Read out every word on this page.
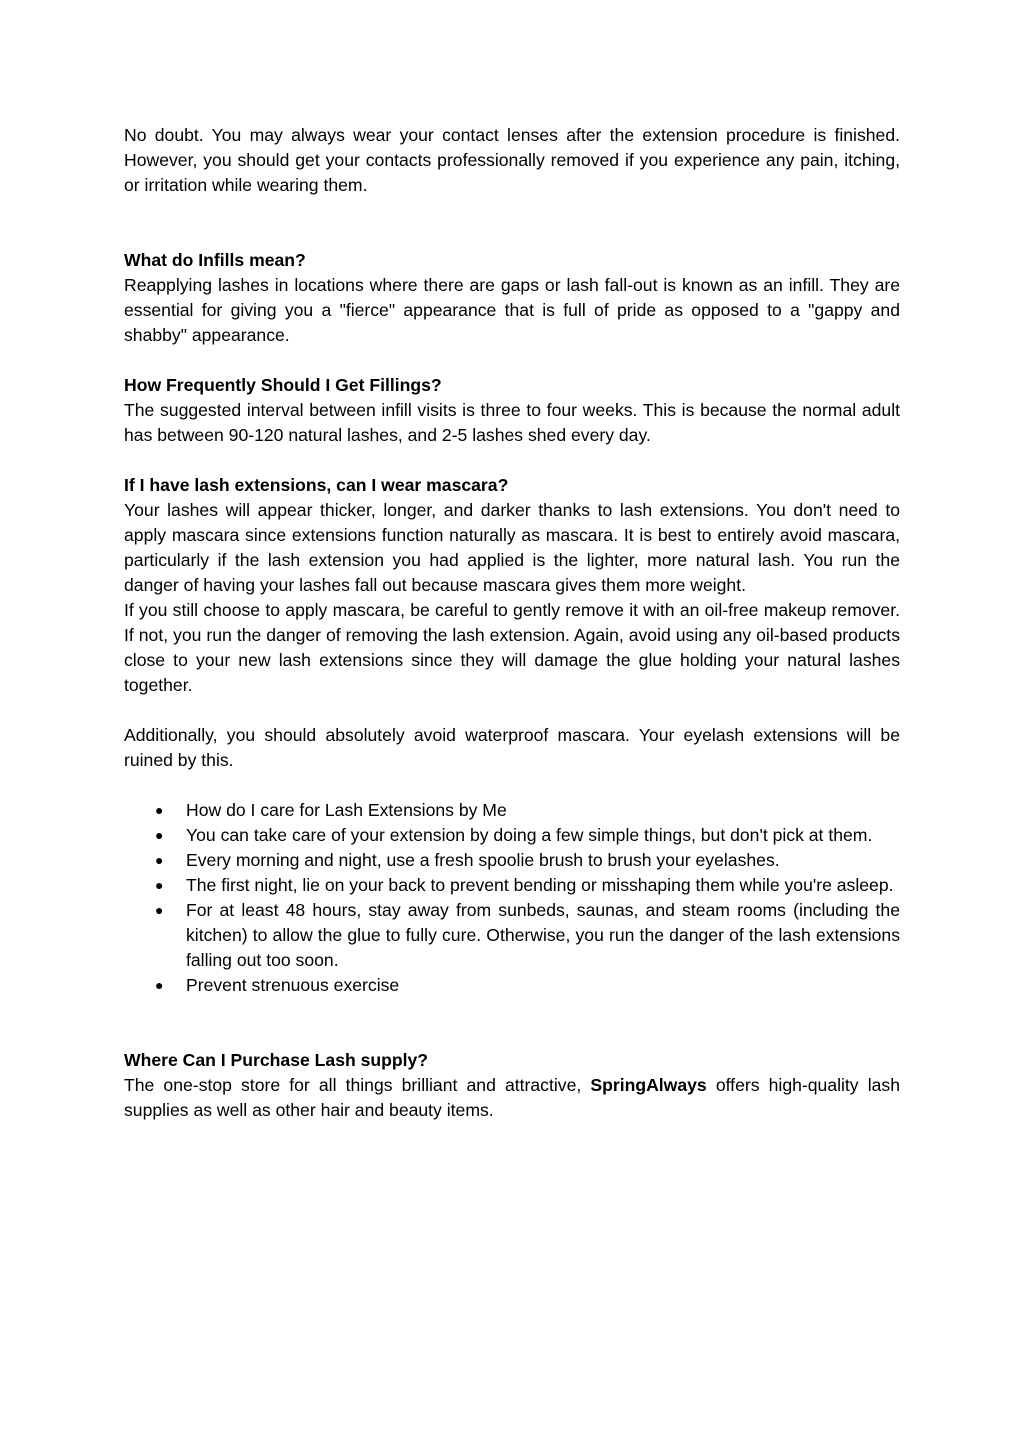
No doubt. You may always wear your contact lenses after the extension procedure is finished. However, you should get your contacts professionally removed if you experience any pain, itching, or irritation while wearing them.

What do Infills mean?

Reapplying lashes in locations where there are gaps or lash fall-out is known as an infill. They are essential for giving you a "fierce" appearance that is full of pride as opposed to a "gappy and shabby" appearance.

How Frequently Should I Get Fillings?

The suggested interval between infill visits is three to four weeks. This is because the normal adult has between 90-120 natural lashes, and 2-5 lashes shed every day.

If I have lash extensions, can I wear mascara?

Your lashes will appear thicker, longer, and darker thanks to lash extensions. You don't need to apply mascara since extensions function naturally as mascara. It is best to entirely avoid mascara, particularly if the lash extension you had applied is the lighter, more natural lash. You run the danger of having your lashes fall out because mascara gives them more weight.

If you still choose to apply mascara, be careful to gently remove it with an oil-free makeup remover. If not, you run the danger of removing the lash extension. Again, avoid using any oil-based products close to your new lash extensions since they will damage the glue holding your natural lashes together.

Additionally, you should absolutely avoid waterproof mascara. Your eyelash extensions will be ruined by this.

● How do I care for Lash Extensions by Me
● You can take care of your extension by doing a few simple things, but don't pick at them.
● Every morning and night, use a fresh spoolie brush to brush your eyelashes.
● The first night, lie on your back to prevent bending or misshaping them while you're asleep.
● For at least 48 hours, stay away from sunbeds, saunas, and steam rooms (including the kitchen) to allow the glue to fully cure. Otherwise, you run the danger of the lash extensions falling out too soon.
● Prevent strenuous exercise
Where Can I Purchase Lash supply?

The one-stop store for all things brilliant and attractive, SpringAlways offers high-quality lash supplies as well as other hair and beauty items.
